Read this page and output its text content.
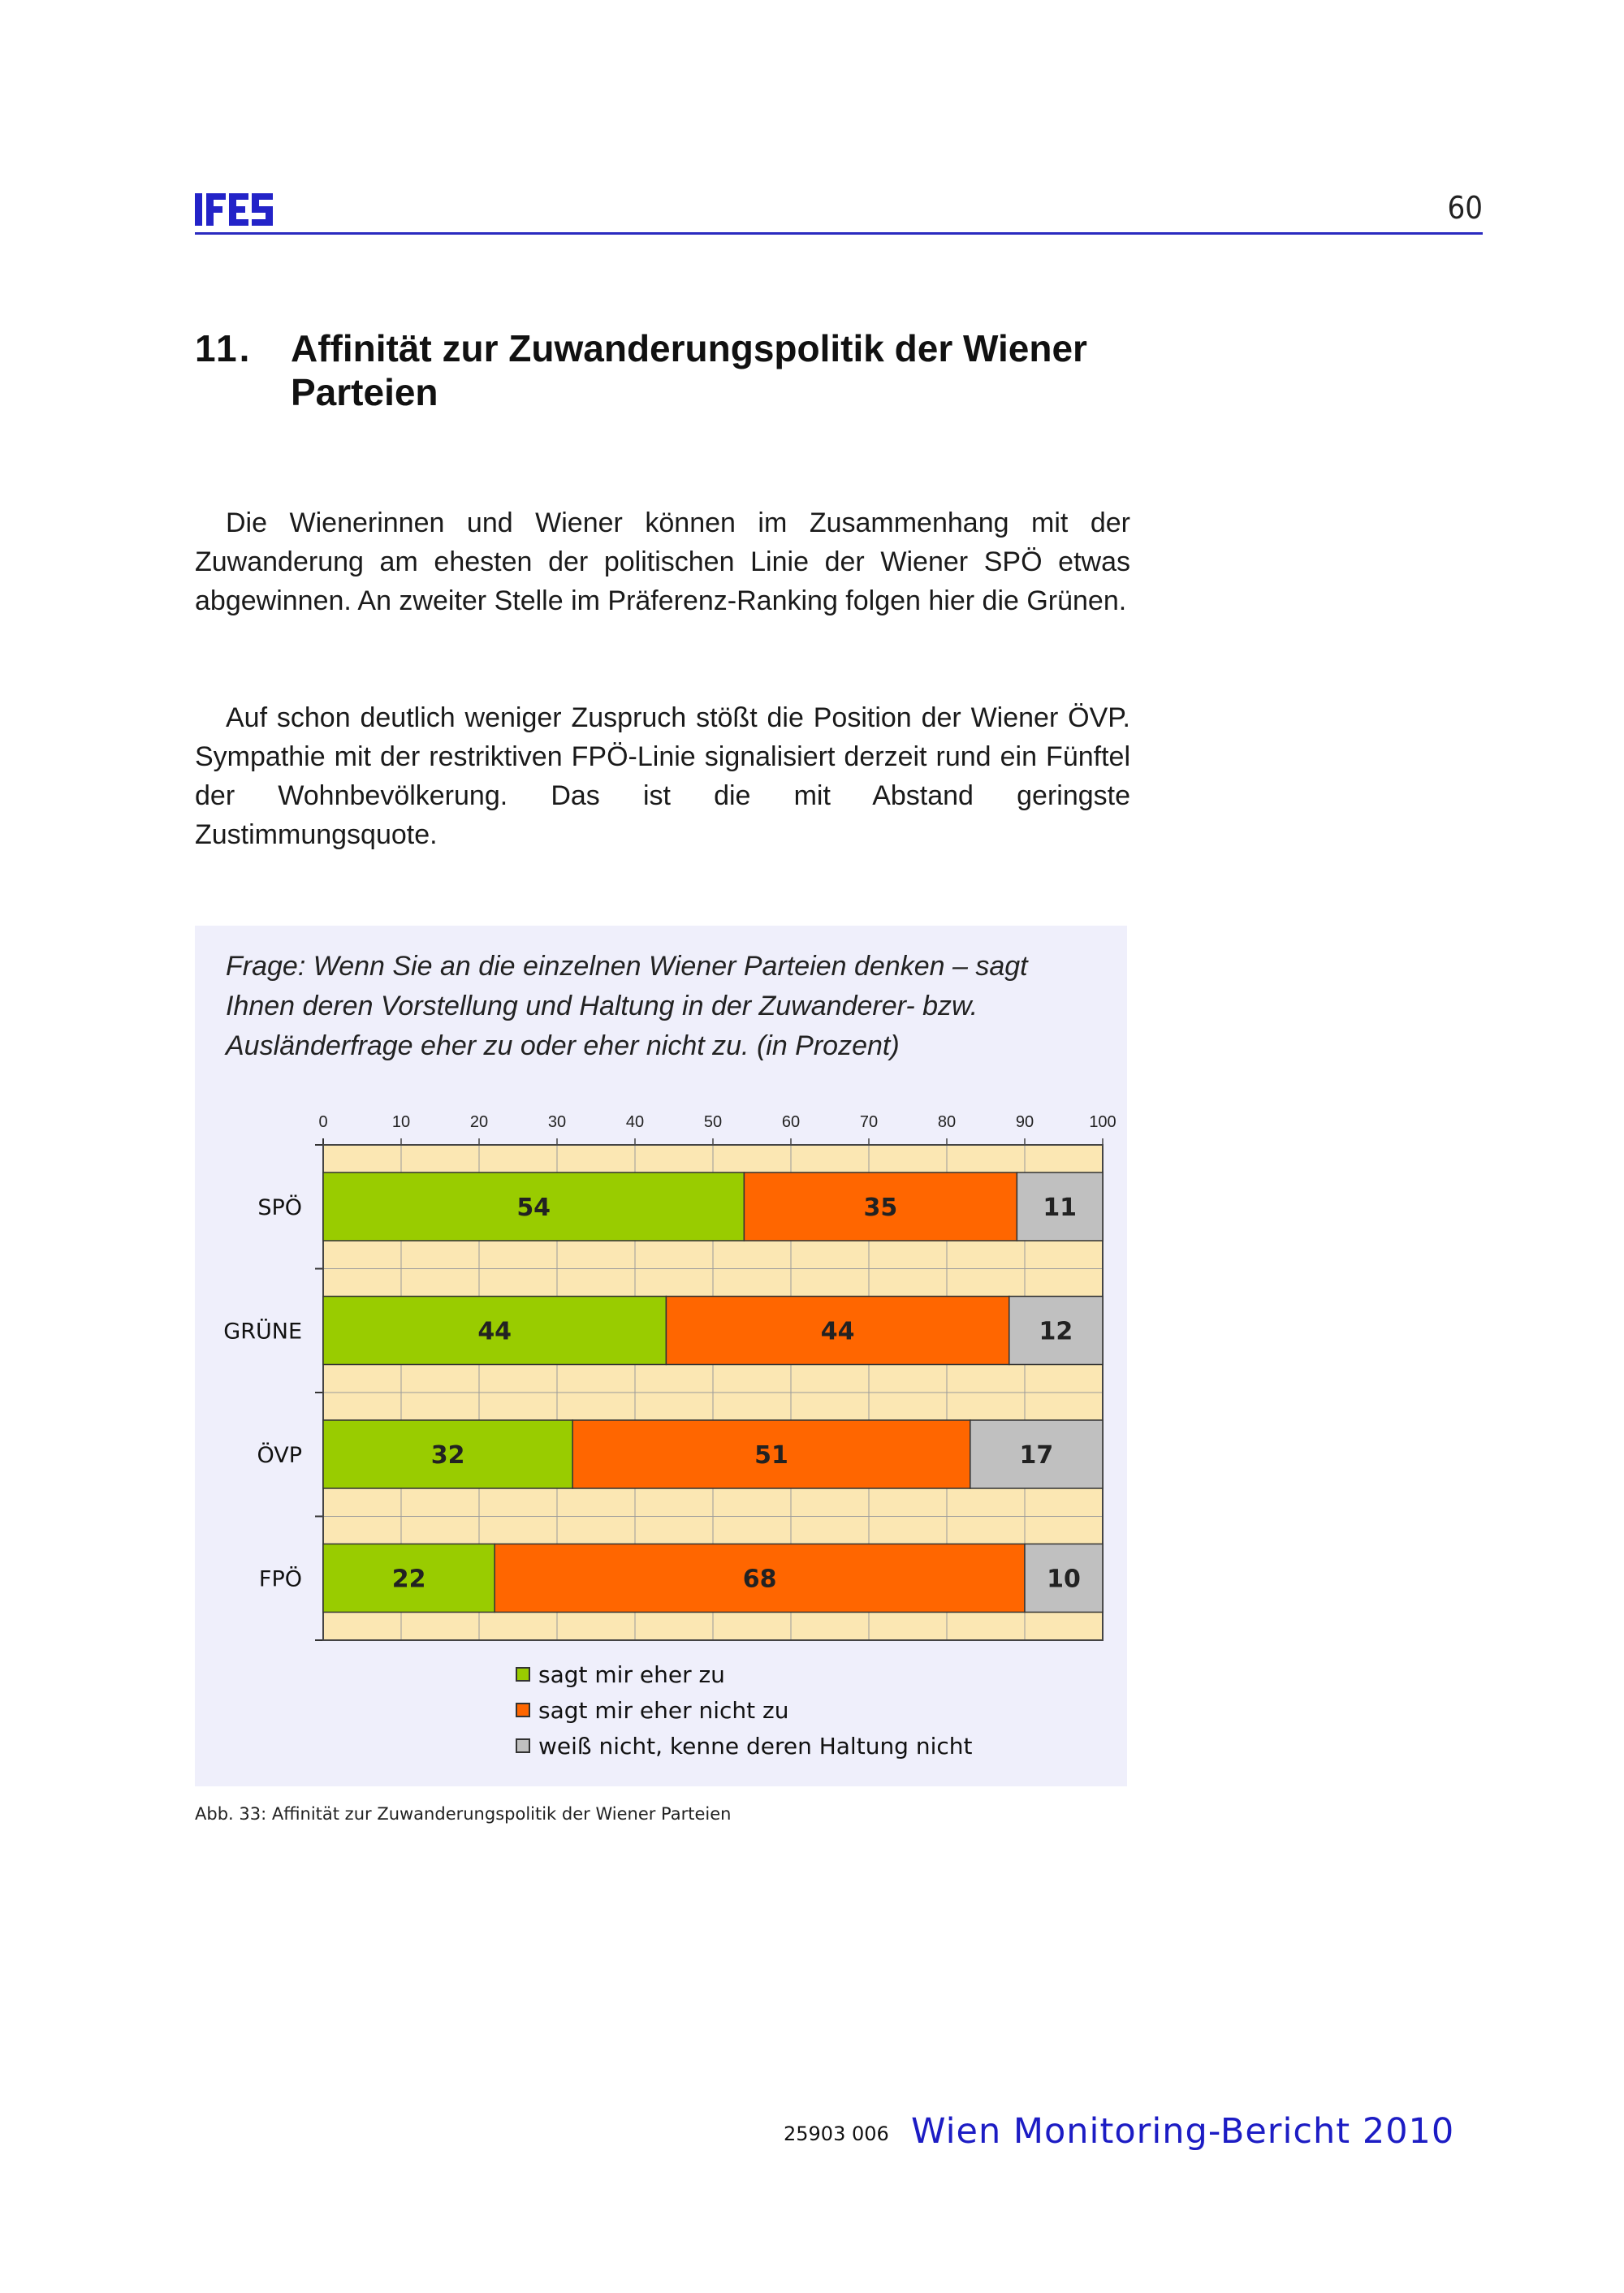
60
11. Affinität zur Zuwanderungspolitik der Wiener Parteien
Die Wienerinnen und Wiener können im Zusammenhang mit der Zuwanderung am ehesten der politischen Linie der Wiener SPÖ etwas abgewinnen. An zweiter Stelle im Präferenz-Ranking folgen hier die Grünen.
Auf schon deutlich weniger Zuspruch stößt die Position der Wiener ÖVP. Sympathie mit der restriktiven FPÖ-Linie signalisiert derzeit rund ein Fünftel der Wohnbevölkerung. Das ist die mit Abstand geringste Zustimmungsquote.
Frage: Wenn Sie an die einzelnen Wiener Parteien denken – sagt Ihnen deren Vorstellung und Haltung in der Zuwanderer- bzw. Ausländerfrage eher zu oder eher nicht zu. (in Prozent)
0	10	20	30	40	50	60	70	80	90	100
54	35	11
SPÖ
44	44	12
GRÜNE
32	51	17
ÖVP
22	68	10
FPÖ
sagt mir eher zu
sagt mir eher nicht zu
weiß nicht, kenne deren Haltung nicht
Abb. 33: Affinität zur Zuwanderungspolitik der Wiener Parteien
25903 006 Wien Monitoring-Bericht 2010
